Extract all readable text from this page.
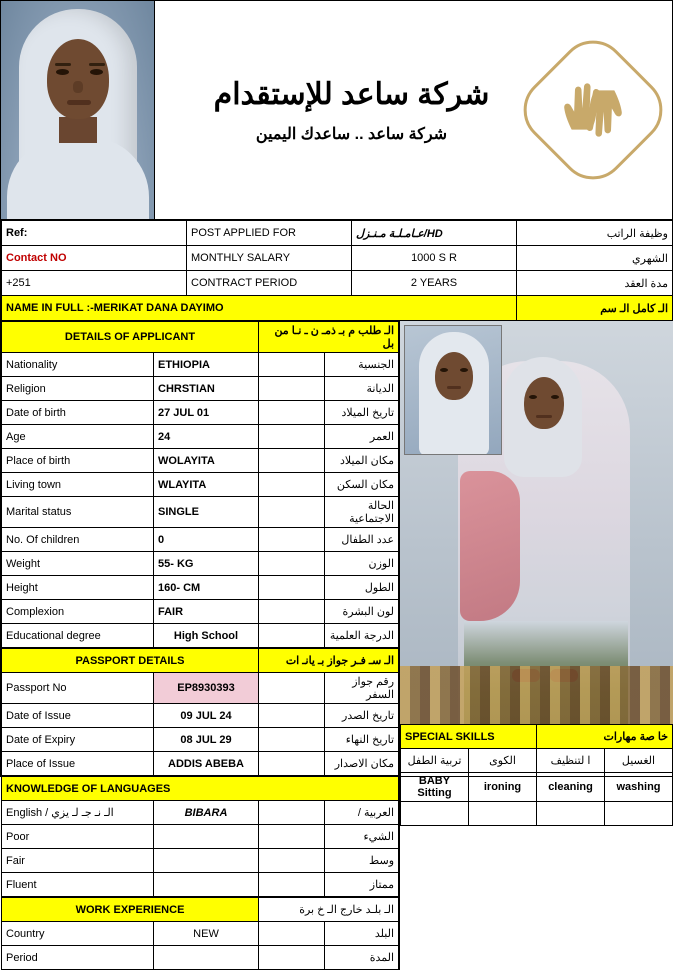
شركة ساعد للإستقدام
شركة ساعد .. ساعدك اليمين
Ref:	POST APPLIED FOR	عـامـلـة مـنـزل/HD	وظيفة الراتب
Contact NO	MONTHLY SALARY	1000 S R	الشهري
+251	CONTRACT PERIOD	2 YEARS	مدة العقد
NAME IN FULL :-MERIKAT DANA DAYIMO			الـ كامل الـ سم
DETAILS OF APPLICANT		الـ طلب م بـ ذمـ ن ـ نـا من بل	
Nationality	ETHIOPIA		الجنسية
Religion	CHRSTIAN		الديانة
Date of birth	27 JUL 01		تاريخ الميلاد
Age	24		العمر
Place of birth	WOLAYITA		مكان الميلاد
Living town	WLAYITA		مكان السكن
Marital status	SINGLE		الحالة الاجتماعية
No. Of children	0		عدد الطفال
Weight	55- KG		الوزن
Height	160- CM		الطول
Complexion	FAIR		لون البشرة
Educational degree	High School		الدرجة العلمية
PASSPORT DETAILS		الـ سـ فـر جواز بـ يانـ ات	
Passport No	EP8930393		رقم جواز السفر
Date of Issue	09 JUL 24		تاريخ الصدر
Date of Expiry	08 JUL 29		تاريخ النهاء
Place of Issue	ADDIS ABEBA		مكان الاصدار
KNOWLEDGE OF LANGUAGES			
English / الـ نـ جـ لـ يزي	BIBARA		العربية /
Poor			الشيء
Fair			وسط
Fluent			ممتاز
WORK EXPERIENCE		الـ بلـد خارج الـ خ برة	
Country	NEW		البلد
Period			المدة
SPECIAL SKILLS		خا صة مهارات	
تربية الطفل	الكوى	ا لتنظيف	الغسيل
BABY Sitting	ironing	cleaning	washing
